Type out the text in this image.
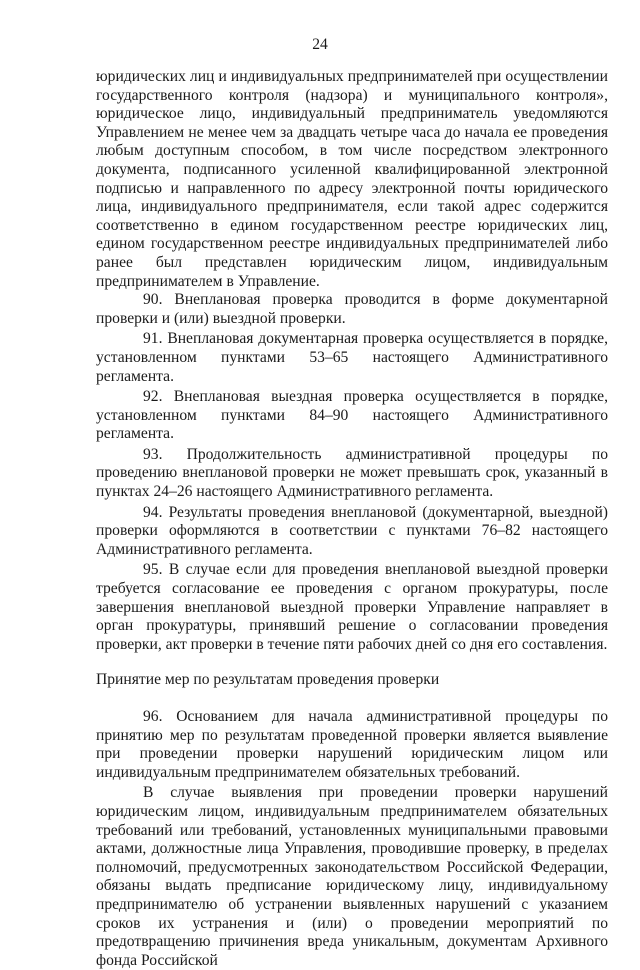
24

юридических лиц и индивидуальных предпринимателей при осуществлении государственного контроля (надзора) и муниципального контроля», юридическое лицо, индивидуальный предприниматель уведомляются Управлением не менее чем за двадцать четыре часа до начала ее проведения любым доступным способом, в том числе посредством электронного документа, подписанного усиленной квалифицированной электронной подписью и направленного по адресу электронной почты юридического лица, индивидуального предпринимателя, если такой адрес содержится соответственно в едином государственном реестре юридических лиц, едином государственном реестре индивидуальных предпринимателей либо ранее был представлен юридическим лицом, индивидуальным предпринимателем в Управление.

90. Внеплановая проверка проводится в форме документарной проверки и (или) выездной проверки.

91. Внеплановая документарная проверка осуществляется в порядке, установленном пунктами 53–65 настоящего Административного регламента.

92. Внеплановая выездная проверка осуществляется в порядке, установленном пунктами 84–90 настоящего Административного регламента.

93. Продолжительность административной процедуры по проведению внеплановой проверки не может превышать срок, указанный в пунктах 24–26 настоящего Административного регламента.

94. Результаты проведения внеплановой (документарной, выездной) проверки оформляются в соответствии с пунктами 76–82 настоящего Административного регламента.

95. В случае если для проведения внеплановой выездной проверки требуется согласование ее проведения с органом прокуратуры, после завершения внеплановой выездной проверки Управление направляет в орган прокуратуры, принявший решение о согласовании проведения проверки, акт проверки в течение пяти рабочих дней со дня его составления.

Принятие мер по результатам проведения проверки

96. Основанием для начала административной процедуры по принятию мер по результатам проведенной проверки является выявление при проведении проверки нарушений юридическим лицом или индивидуальным предпринимателем обязательных требований.

В случае выявления при проведении проверки нарушений юридическим лицом, индивидуальным предпринимателем обязательных требований или требований, установленных муниципальными правовыми актами, должностные лица Управления, проводившие проверку, в пределах полномочий, предусмотренных законодательством Российской Федерации, обязаны выдать предписание юридическому лицу, индивидуальному предпринимателю об устранении выявленных нарушений с указанием сроков их устранения и (или) о проведении мероприятий по предотвращению причинения вреда уникальным, документам Архивного фонда Российской
